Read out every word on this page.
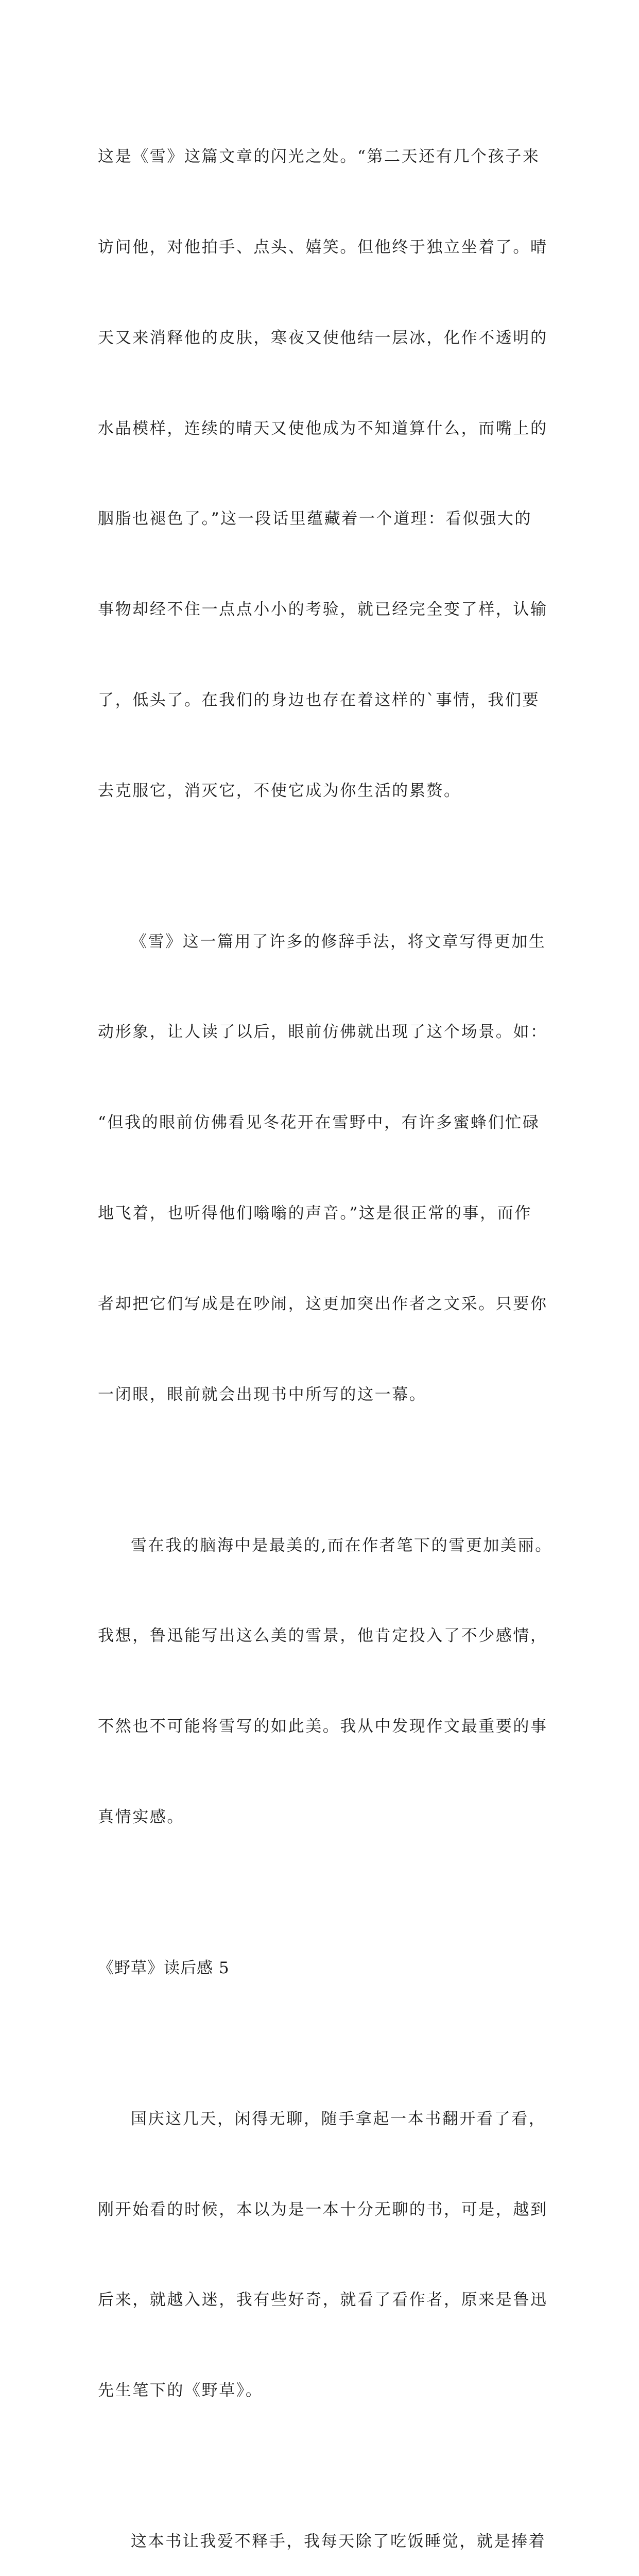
这是《雪》这篇文章的闪光之处。“第二天还有几个孩子来

访问他，对他拍手、点头、嬉笑。但他终于独立坐着了。晴

天又来消释他的皮肤，寒夜又使他结一层冰，化作不透明的

水晶模样，连续的晴天又使他成为不知道算什么，而嘴上的

胭脂也褪色了。”这一段话里蕴藏着一个道理：看似强大的

事物却经不住一点点小小的考验，就已经完全变了样，认输

了，低头了。在我们的身边也存在着这样的`事情，我们要

去克服它，消灭它，不使它成为你生活的累赘。

《雪》这一篇用了许多的修辞手法，将文章写得更加生

动形象，让人读了以后，眼前仿佛就出现了这个场景。如：

“但我的眼前仿佛看见冬花开在雪野中，有许多蜜蜂们忙碌

地飞着，也听得他们嗡嗡的声音。”这是很正常的事，而作

者却把它们写成是在吵闹，这更加突出作者之文采。只要你

一闭眼，眼前就会出现书中所写的这一幕。

雪在我的脑海中是最美的,而在作者笔下的雪更加美丽。

我想，鲁迅能写出这么美的雪景，他肯定投入了不少感情，

不然也不可能将雪写的如此美。我从中发现作文最重要的事

真情实感。

《野草》读后感 5

国庆这几天，闲得无聊，随手拿起一本书翻开看了看，

刚开始看的时候，本以为是一本十分无聊的书，可是，越到

后来，就越入迷，我有些好奇，就看了看作者，原来是鲁迅

先生笔下的《野草》。

这本书让我爱不释手，我每天除了吃饭睡觉，就是捧着
